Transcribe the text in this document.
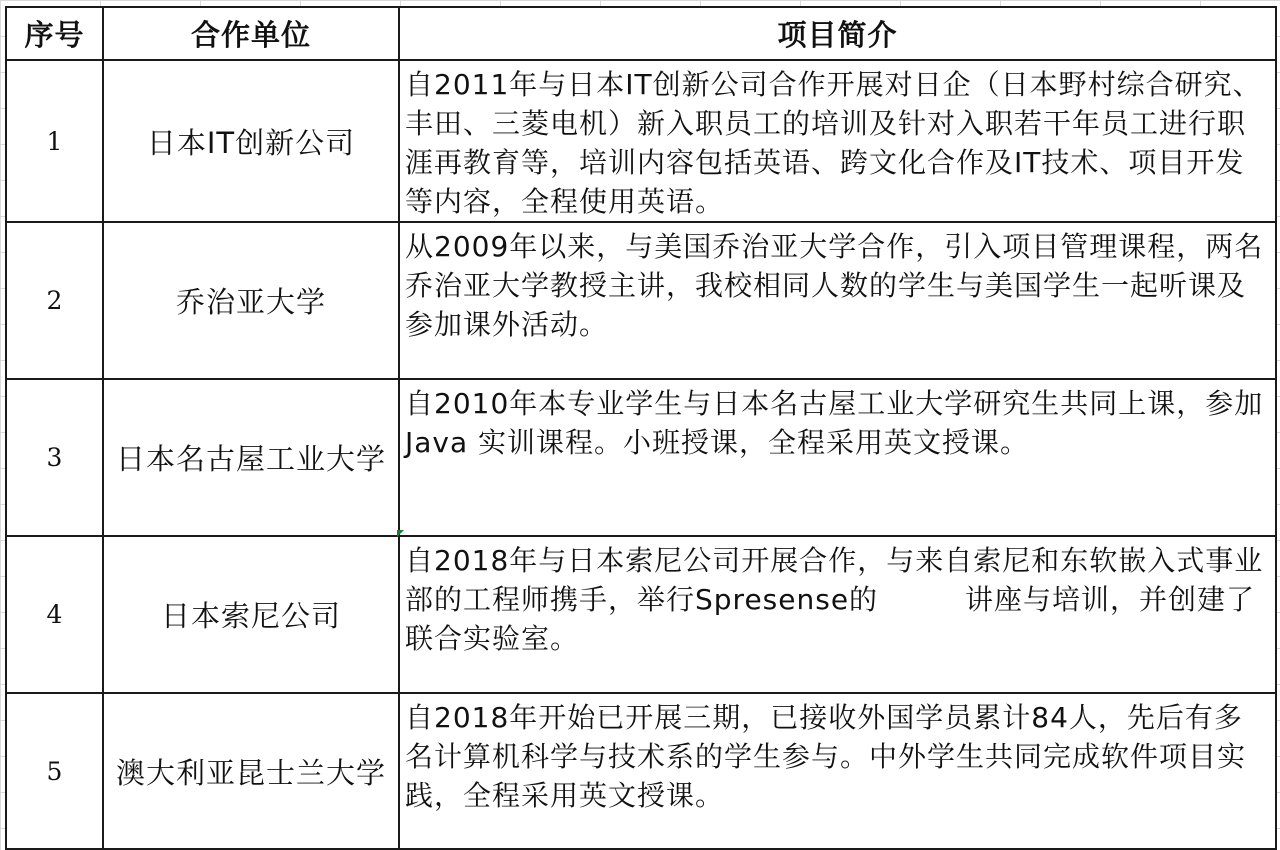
序号	合作单位	项目简介
1	日本IT创新公司	自2011年与日本IT创新公司合作开展对日企（日本野村综合研究、丰田、三菱电机）新入职员工的培训及针对入职若干年员工进行职涯再教育等，培训内容包括英语、跨文化合作及IT技术、项目开发等内容，全程使用英语。
2	乔治亚大学	从2009年以来，与美国乔治亚大学合作，引入项目管理课程，两名乔治亚大学教授主讲，我校相同人数的学生与美国学生一起听课及参加课外活动。
3	日本名古屋工业大学	自2010年本专业学生与日本名古屋工业大学研究生共同上课，参加Java 实训课程。小班授课，全程采用英文授课。
4	日本索尼公司	自2018年与日本索尼公司开展合作，与来自索尼和东软嵌入式事业部的工程师携手，举行Spresense的　　　讲座与培训，并创建了联合实验室。
5	澳大利亚昆士兰大学	自2018年开始已开展三期，已接收外国学员累计84人，先后有多名计算机科学与技术系的学生参与。中外学生共同完成软件项目实践，全程采用英文授课。
